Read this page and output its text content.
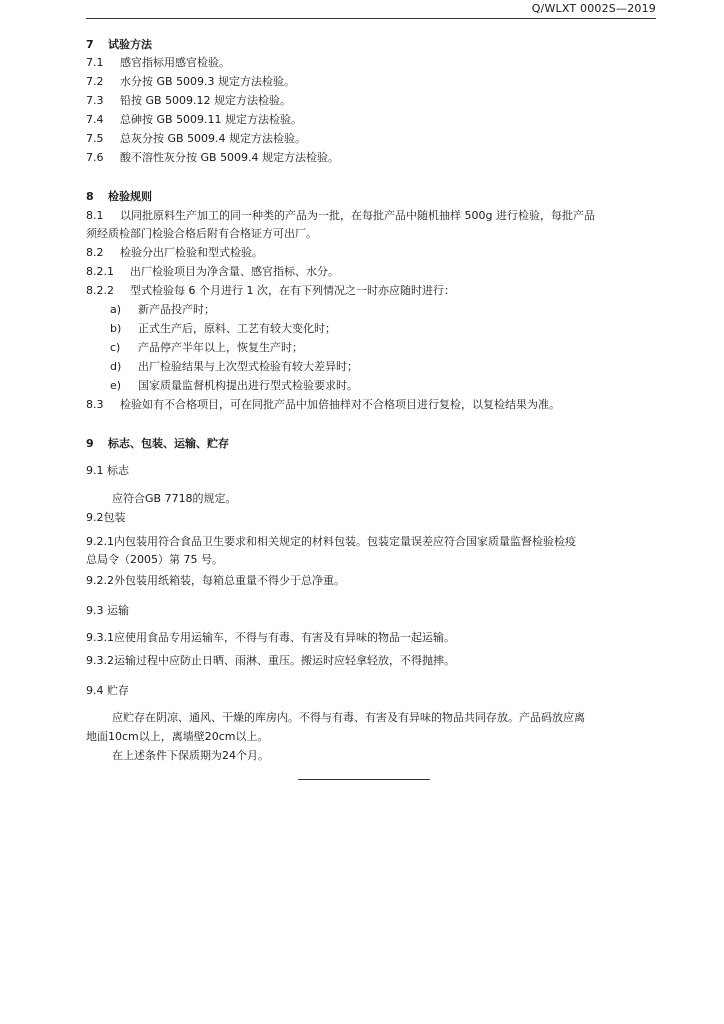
Q/WLXT 0002S—2019
7 试验方法
7.1 感官指标用感官检验。
7.2 水分按 GB 5009.3 规定方法检验。
7.3 铅按 GB 5009.12 规定方法检验。
7.4 总砷按 GB 5009.11 规定方法检验。
7.5 总灰分按 GB 5009.4 规定方法检验。
7.6 酸不溶性灰分按 GB 5009.4 规定方法检验。
8 检验规则
8.1 以同批原料生产加工的同一种类的产品为一批，在每批产品中随机抽样 500g 进行检验，每批产品
须经质检部门检验合格后附有合格证方可出厂。
8.2 检验分出厂检验和型式检验。
8.2.1 出厂检验项目为净含量、感官指标、水分。
8.2.2 型式检验每 6 个月进行 1 次，在有下列情况之一时亦应随时进行：
a) 新产品投产时；
b) 正式生产后，原料、工艺有较大变化时；
c) 产品停产半年以上，恢复生产时；
d) 出厂检验结果与上次型式检验有较大差异时；
e) 国家质量监督机构提出进行型式检验要求时。
8.3 检验如有不合格项目，可在同批产品中加倍抽样对不合格项目进行复检，以复检结果为准。
9 标志、包装、运输、贮存
9.1 标志
应符合GB 7718的规定。
9.2包装
9.2.1内包装用符合食品卫生要求和相关规定的材料包装。包装定量误差应符合国家质量监督检验检疫
总局令（2005）第 75 号。
9.2.2外包装用纸箱装，每箱总重量不得少于总净重。
9.3 运输
9.3.1应使用食品专用运输车，不得与有毒、有害及有异味的物品一起运输。
9.3.2运输过程中应防止日晒、雨淋、重压。搬运时应轻拿轻放，不得抛摔。
9.4 贮存
应贮存在阴凉、通风、干燥的库房内。不得与有毒、有害及有异味的物品共同存放。产品码放应离
地面10cm以上，离墙壁20cm以上。
在上述条件下保质期为24个月。
